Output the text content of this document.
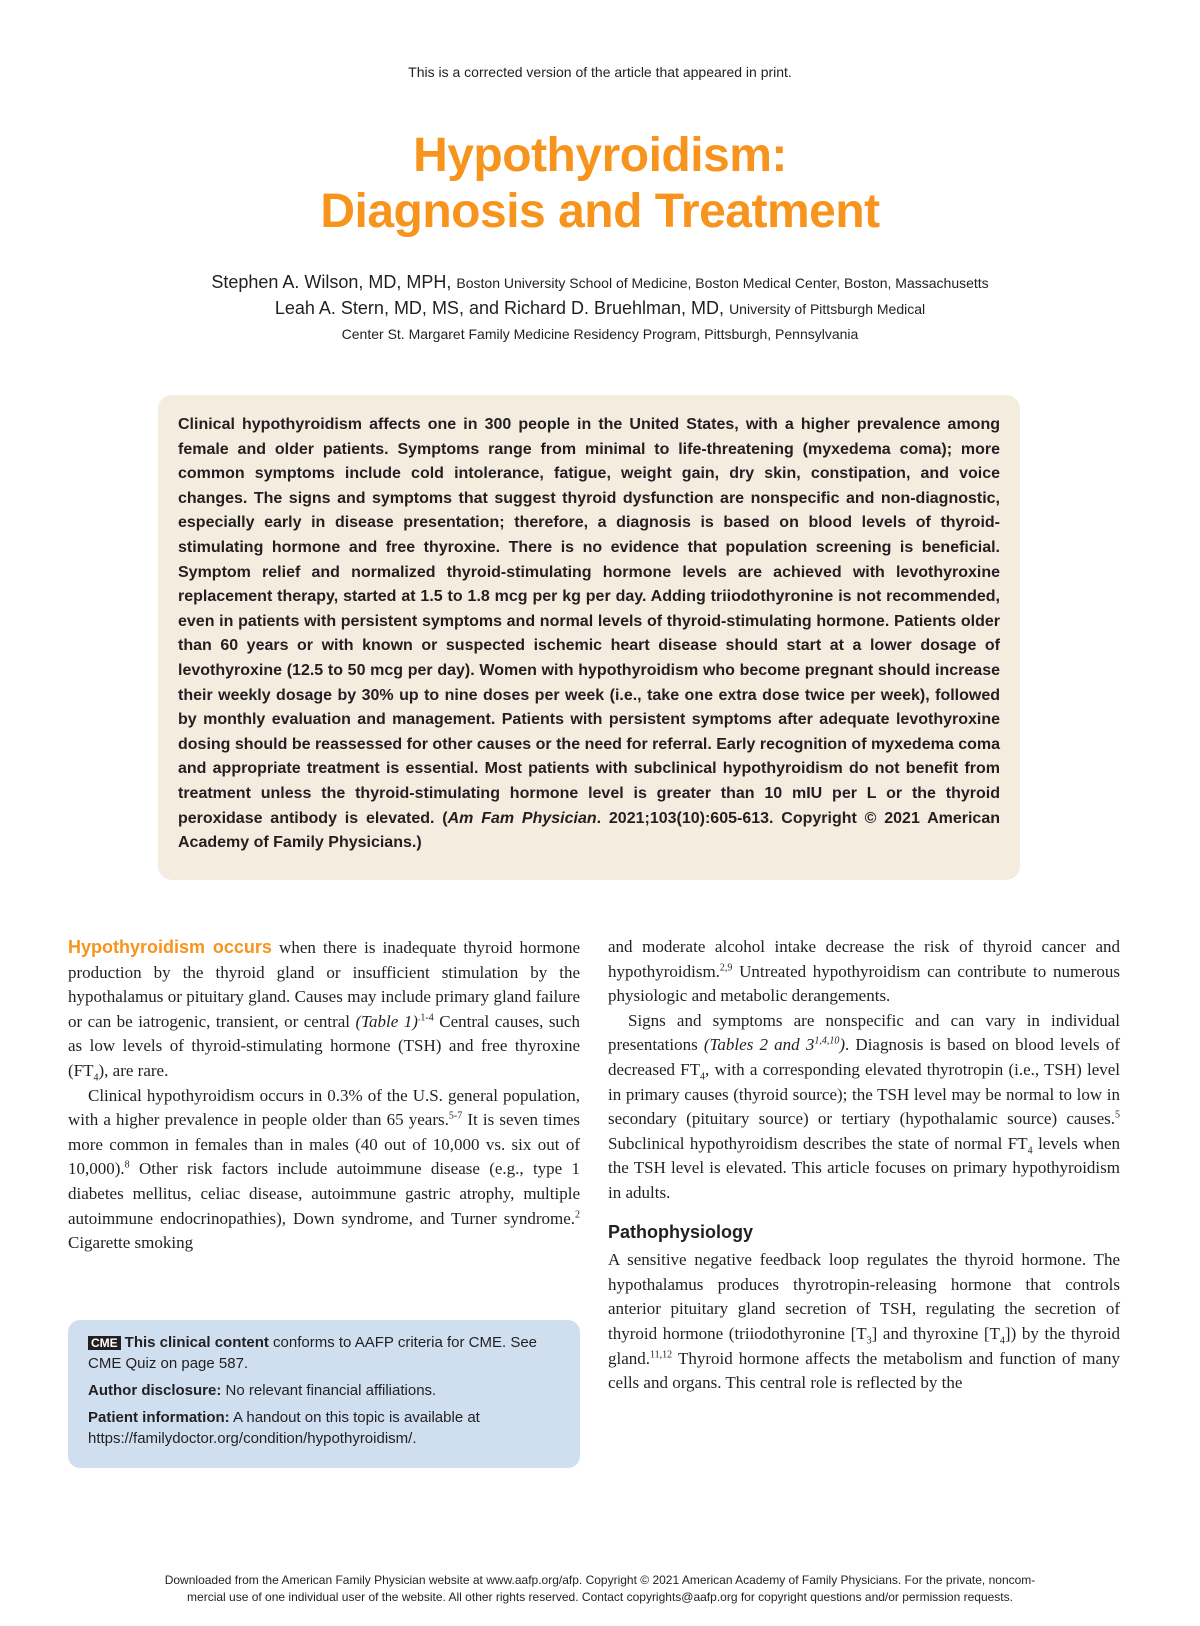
This is a corrected version of the article that appeared in print.
Hypothyroidism:
Diagnosis and Treatment
Stephen A. Wilson, MD, MPH, Boston University School of Medicine, Boston Medical Center, Boston, Massachusetts
Leah A. Stern, MD, MS, and Richard D. Bruehlman, MD, University of Pittsburgh Medical
Center St. Margaret Family Medicine Residency Program, Pittsburgh, Pennsylvania
Clinical hypothyroidism affects one in 300 people in the United States, with a higher prevalence among female and older patients. Symptoms range from minimal to life-threatening (myxedema coma); more common symptoms include cold intolerance, fatigue, weight gain, dry skin, constipation, and voice changes. The signs and symptoms that suggest thyroid dysfunction are nonspecific and non-diagnostic, especially early in disease presentation; therefore, a diagnosis is based on blood levels of thyroid-stimulating hormone and free thyroxine. There is no evidence that population screening is beneficial. Symptom relief and normalized thyroid-stimulating hormone levels are achieved with levothyroxine replacement therapy, started at 1.5 to 1.8 mcg per kg per day. Adding triiodothyronine is not recommended, even in patients with persistent symptoms and normal levels of thyroid-stimulating hormone. Patients older than 60 years or with known or suspected ischemic heart disease should start at a lower dosage of levothyroxine (12.5 to 50 mcg per day). Women with hypothyroidism who become pregnant should increase their weekly dosage by 30% up to nine doses per week (i.e., take one extra dose twice per week), followed by monthly evaluation and management. Patients with persistent symptoms after adequate levothyroxine dosing should be reassessed for other causes or the need for referral. Early recognition of myxedema coma and appropriate treatment is essential. Most patients with subclinical hypothyroidism do not benefit from treatment unless the thyroid-stimulating hormone level is greater than 10 mIU per L or the thyroid peroxidase antibody is elevated. (Am Fam Physician. 2021;103(10):605-613. Copyright © 2021 American Academy of Family Physicians.)

Hypothyroidism occurs when there is inadequate thyroid hormone production by the thyroid gland or insufficient stimulation by the hypothalamus or pituitary gland. Causes may include primary gland failure or can be iatrogenic, transient, or central (Table 1)$^{.1-4}$ Central causes, such as low levels of thyroid-stimulating hormone (TSH) and free thyroxine $(FT_4)$, are rare.

Clinical hypothyroidism occurs in 0.3% of the U.S. general population, with a higher prevalence in people older than 65 years.$^{5-7}$ It is seven times more common in females than in males (40 out of 10,000 vs. six out of 10,000).$^8$ Other risk factors include autoimmune disease (e.g., type 1 diabetes mellitus, celiac disease, autoimmune gastric atrophy, multiple autoimmune endocrinopathies), Down syndrome, and Turner syndrome.$^2$ Cigarette smoking

CME This clinical content conforms to AAFP criteria for CME. See CME Quiz on page 587.
Author disclosure: No relevant financial affiliations.
Patient information: A handout on this topic is available at https://familydoctor.org/condition/hypothyroidism/.

and moderate alcohol intake decrease the risk of thyroid cancer and hypothyroidism.$^{2,9}$ Untreated hypothyroidism can contribute to numerous physiologic and metabolic derangements.

Signs and symptoms are nonspecific and can vary in individual presentations (Tables 2 and 3$^{1,4,10}$). Diagnosis is based on blood levels of decreased $FT_4$, with a corresponding elevated thyrotropin (i.e., TSH) level in primary causes (thyroid source); the TSH level may be normal to low in secondary (pituitary source) or tertiary (hypothalamic source) causes.$^5$ Subclinical hypothyroidism describes the state of normal $FT_4$ levels when the TSH level is elevated. This article focuses on primary hypothyroidism in adults.

Pathophysiology

A sensitive negative feedback loop regulates the thyroid hormone. The hypothalamus produces thyrotropin-releasing hormone that controls anterior pituitary gland secretion of TSH, regulating the secretion of thyroid hormone (triiodothyronine $[T_3]$ and thyroxine $[T_4]$) by the thyroid gland.$^{11,12}$ Thyroid hormone affects the metabolism and function of many cells and organs. This central role is reflected by the

Downloaded from the American Family Physician website at www.aafp.org/afp. Copyright © 2021 American Academy of Family Physicians. For the private, noncom-
mercial use of one individual user of the website. All other rights reserved. Contact copyrights@aafp.org for copyright questions and/or permission requests.
